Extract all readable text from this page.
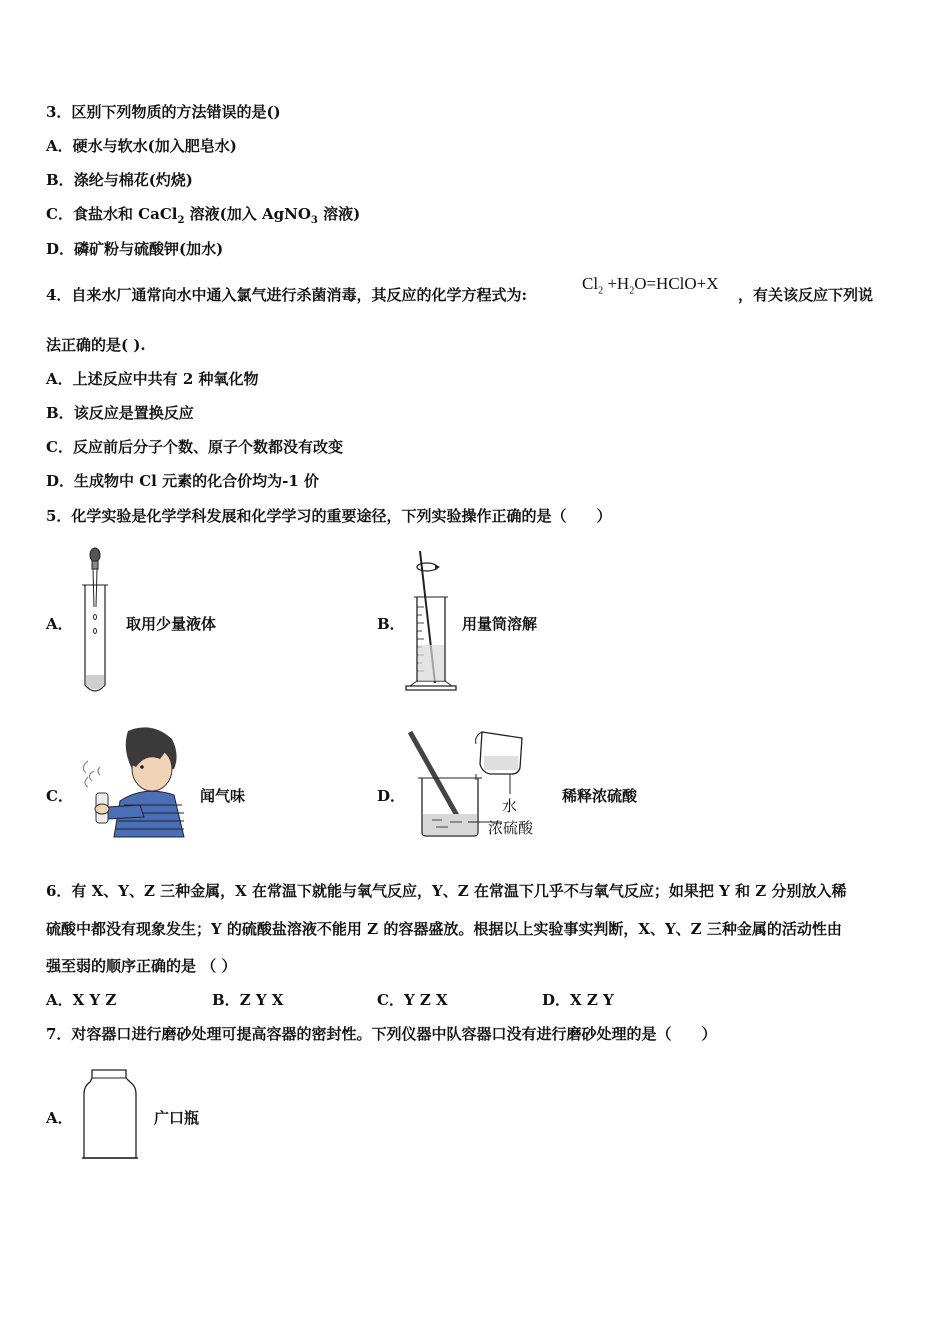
3．区别下列物质的方法错误的是()
A．硬水与软水(加入肥皂水)
B．涤纶与棉花(灼烧)
C．食盐水和 CaCl$_2$ 溶液(加入 AgNO$_3$ 溶液)
D．磷矿粉与硫酸钾(加水)
4．自来水厂通常向水中通入氯气进行杀菌消毒，其反应的化学方程式为:
$Cl_2$ $+H_2O=HClO+X$
，有关该反应下列说
法正确的是( ).
A．上述反应中共有 2 种氧化物
B．该反应是置换反应
C．反应前后分子个数、原子个数都没有改变
D．生成物中 Cl 元素的化合价均为-1 价
5．化学实验是化学学科发展和化学学习的重要途径，下列实验操作正确的是（　　）
A．	取用少量液体	B．	用量筒溶解
C．	闻气味	D．
水
浓硫酸
稀释浓硫酸
6．有 X、Y、Z 三种金属，X 在常温下就能与氧气反应，Y、Z 在常温下几乎不与氧气反应；如果把 Y 和 Z 分别放入稀
硫酸中都没有现象发生；Y 的硫酸盐溶液不能用 Z 的容器盛放。根据以上实验事实判断，X、Y、Z 三种金属的活动性由
强至弱的顺序正确的是 （ ）
A．X Y Z	B．Z Y X	C．Y Z X	D．X Z Y
7．对容器口进行磨砂处理可提高容器的密封性。下列仪器中队容器口没有进行磨砂处理的是（　　）
A．	广口瓶
